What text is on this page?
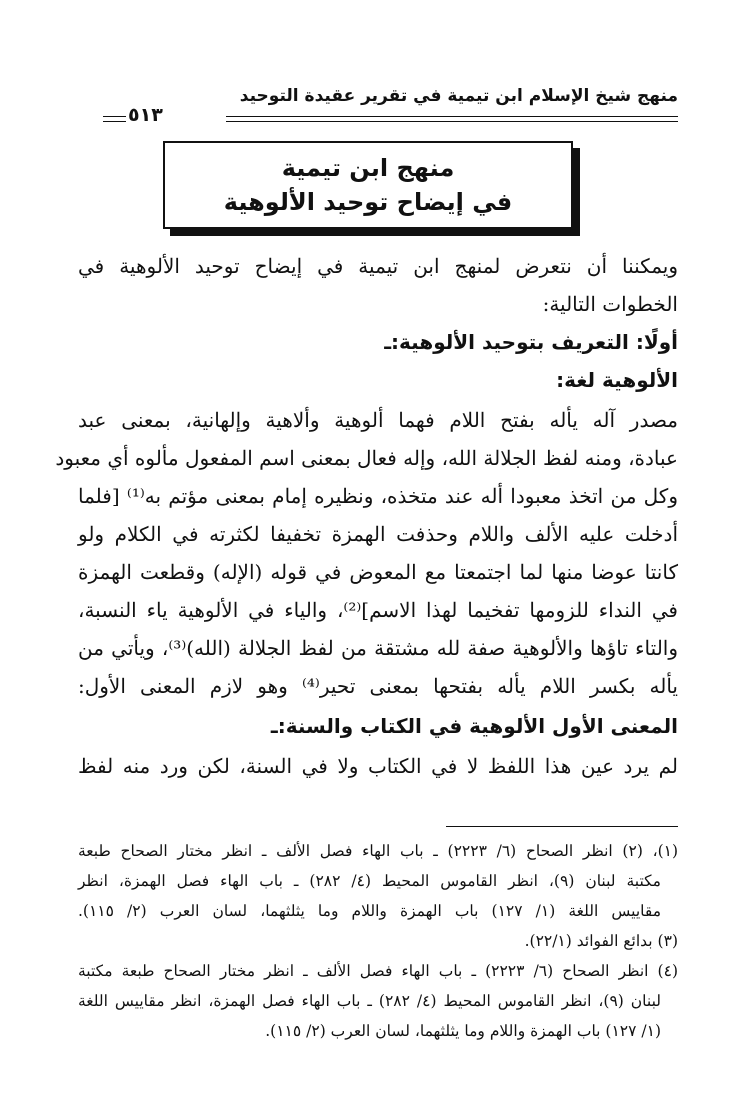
منهج شيخ الإسلام ابن تيمية في تقرير عقيدة التوحيد
٥١٣
منهج ابن تيمية
في إيضاح توحيد الألوهية
ويمكننا أن نتعرض لمنهج ابن تيمية في إيضاح توحيد الألوهية في
الخطوات التالية:
أولًا: التعريف بتوحيد الألوهية:ـ
الألوهية لغة:
مصدر آله يأله بفتح اللام فهما ألوهية وألاهية وإلهانية، بمعنى عبد
عبادة، ومنه لفظ الجلالة الله، وإله فعال بمعنى اسم المفعول مألوه أي معبود
وكل من اتخذ معبودا أله عند متخذه، ونظيره إمام بمعنى مؤتم به⁽¹⁾ [فلما
أدخلت عليه الألف واللام وحذفت الهمزة تخفيفا لكثرته في الكلام ولو
كانتا عوضا منها لما اجتمعتا مع المعوض في قوله (الإله) وقطعت الهمزة
في النداء للزومها تفخيما لهذا الاسم]⁽²⁾، والياء في الألوهية ياء النسبة،
والتاء تاؤها والألوهية صفة لله مشتقة من لفظ الجلالة (الله)⁽³⁾، ويأتي من
يأله بكسر اللام يأله بفتحها بمعنى تحير⁽⁴⁾ وهو لازم المعنى الأول:
المعنى الأول الألوهية في الكتاب والسنة:ـ
لم يرد عين هذا اللفظ لا في الكتاب ولا في السنة، لكن ورد منه لفظ
(١)، (٢) انظر الصحاح (٦/ ٢٢٢٣) ـ باب الهاء فصل الألف ـ انظر مختار الصحاح طبعة
مكتبة لبنان (٩)، انظر القاموس المحيط (٤/ ٢٨٢) ـ باب الهاء فصل الهمزة، انظر
مقاييس اللغة (١/ ١٢٧) باب الهمزة واللام وما يثلثهما، لسان العرب (٢/ ١١٥).
(٣) بدائع الفوائد (٢٢/١).
(٤) انظر الصحاح (٦/ ٢٢٢٣) ـ باب الهاء فصل الألف ـ انظر مختار الصحاح طبعة مكتبة
لبنان (٩)، انظر القاموس المحيط (٤/ ٢٨٢) ـ باب الهاء فصل الهمزة، انظر مقاييس اللغة
(١/ ١٢٧) باب الهمزة واللام وما يثلثهما، لسان العرب (٢/ ١١٥).
